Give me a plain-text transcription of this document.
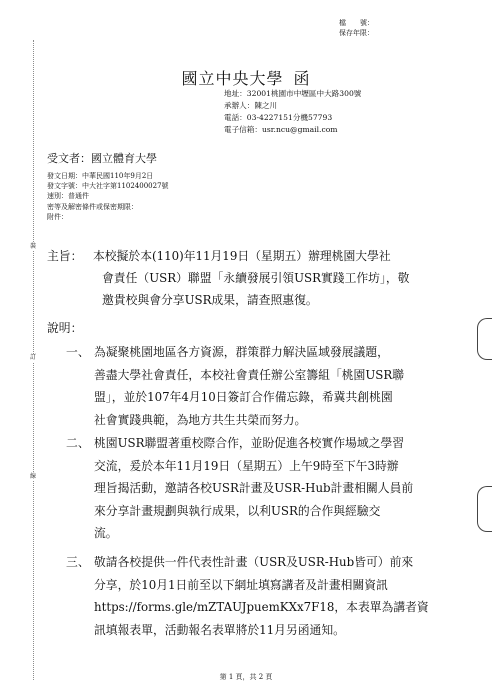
檔　　號：
保存年限：
裝
訂
線
國立中央大學 函
地址：32001桃園市中壢區中大路300號
承辦人：陳之川
電話：03-4227151分機57793
電子信箱：usr.ncu@gmail.com
受文者：國立體育大學
發文日期：中華民國110年9月2日
發文字號：中大社字第1102400027號
速別：普通件
密等及解密條件或保密期限：
附件：
主旨： 本校擬於本(110)年11月19日（星期五）辦理桃園大學社
會責任（USR）聯盟「永續發展引領USR實踐工作坊」，敬
邀貴校與會分享USR成果，請查照惠復。
說明：
一、 為凝聚桃園地區各方資源，群策群力解決區域發展議題，
善盡大學社會責任，本校社會責任辦公室籌組「桃園USR聯
盟」，並於107年4月10日簽訂合作備忘錄，希冀共創桃園
社會實踐典範，為地方共生共榮而努力。
二、 桃園USR聯盟著重校際合作，並盼促進各校實作場域之學習
交流，爰於本年11月19日（星期五）上午9時至下午3時辦
理旨揭活動，邀請各校USR計畫及USR-Hub計畫相關人員前
來分享計畫規劃與執行成果，以利USR的合作與經驗交
流。
三、 敬請各校提供一件代表性計畫（USR及USR-Hub皆可）前來
分享，於10月1日前至以下網址填寫講者及計畫相關資訊
https://forms.gle/mZTAUJpuemKXx7F18，本表單為講者資
訊填報表單，活動報名表單將於11月另函通知。
第 1 頁，共 2 頁
